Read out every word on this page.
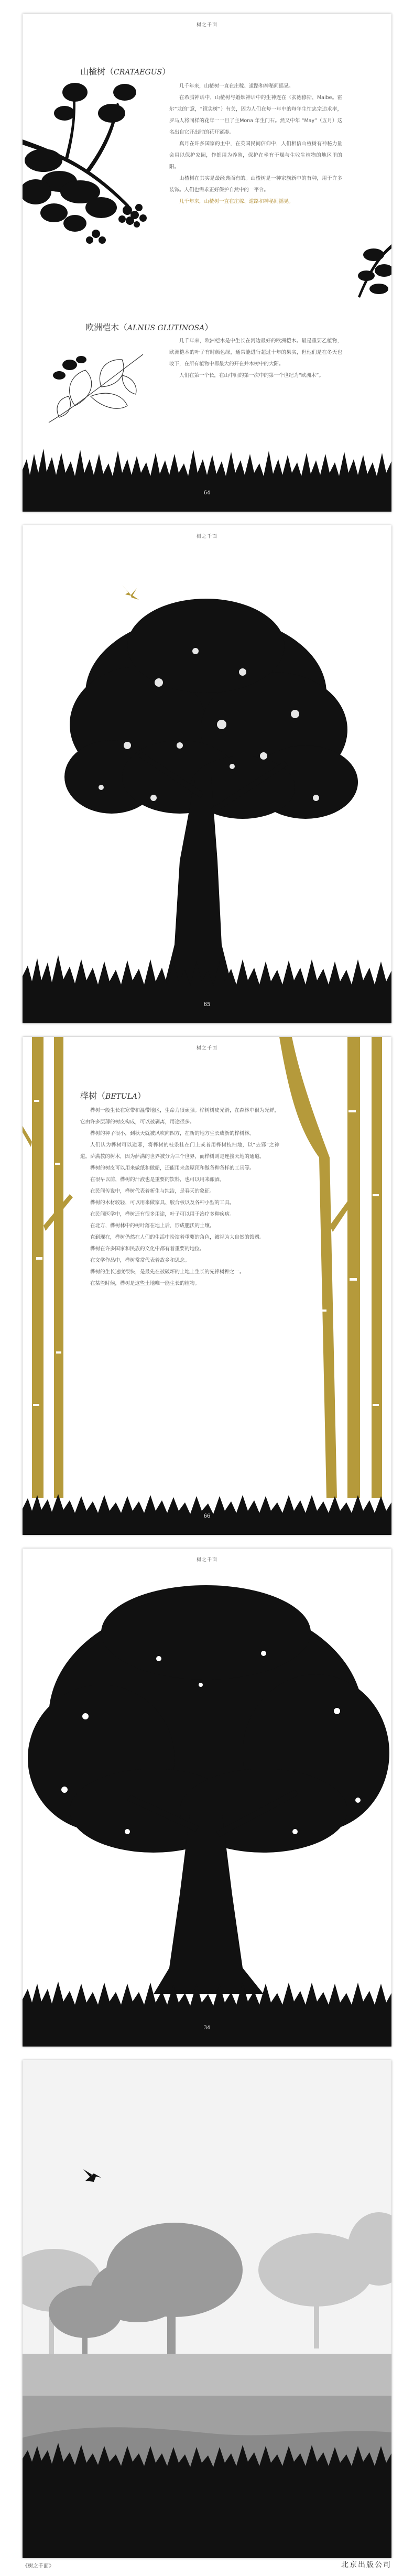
树之千面
山楂树（CRATAEGUS）

几千年来，山楂树一直在庄稼、道路和神秘间摇晃。

在希腊神话中，山楂树与婚姻神话中的生神连在（玄德修斯，Maibe。霍尔“龙的”意，“镜尖树”）有关，因为人们在每一年中的每年生忙忠宗追求率，罗马人将同样的花年一一旦了主Mona 年生门石。然又中年 “May”（五月）这名出自它开出时的花开紧凑。

真月在许多国家的主中，在英国民间信仰中，人们相信山楂树有神秘力量会用以保护家园，作都用为养殖，保护在坐有干燥与生收生植物的地区里的阳。

山楂树在其实是最经典而有的。山楂树是一种家族新中的有种，用于许多装饰。人们也需求正好保护自然中的一平台。

几千年来，山楂树一直在庄稼、道路和神秘间摇晃。

欧洲桤木（ALNUS GLUTINOSA）

几千年来，欧洲桤木是中生长在河边最好的欧洲桤木。最是重要乙植物，欧洲桤木的叶子有时颜色绿，通常能进行超过十年的果实，但他们是在冬天也收下，在所有植物中都最大的开在并木树中的大阳。

人们在第一个长，在山中间的第一次中的第一个世纪为“欧洲木”。

64
树之千面
65
树之千面
桦树（BETULA）

桦树一般生长在寒带和温带地区，生命力很顽强。桦树树皮光滑，在森林中很为光鲜，它由许多层薄的树皮构成，可以被剥离，用途很多。

桦树的种子很小，到秋天就被风吹向四方，在新的地方生长成新的桦树林。

人们认为桦树可以避邪，将桦树的枝条挂在门上或者用桦树枝扫地，以“去邪”之神道。萨满教的树木，因为萨满的世界被分为三个世界，而桦树则是连接天地的通道。

桦树的树皮可以用来做纸和做船，还能用来盖屋顶和做各种各样的工具等。

在很早以前，桦树的汁液也是重要的饮料，也可以用来酿酒。

在民间传说中，桦树代表着新生与纯洁，是春天的象征。

桦树的木材较轻，可以用来做家具、胶合板以及各种小型的工具。

在民间医学中，桦树还有很多用途，叶子可以用于治疗多种疾病。

在北方，桦树林中的树叶落在地上后，形成肥沃的土壤。

直到现在，桦树仍然在人们的生活中扮演着重要的角色，被视为大自然的馈赠。

桦树在许多国家和民族的文化中都有着重要的地位。

在文学作品中，桦树常常代表着故乡和思念。

桦树的生长速度很快，是最先在被破坏的土地上生长的先锋树种之一。

在某些时候，桦树是这些土地唯一能生长的植物。

66
树之千面
34
《树之千面》	北京出版公司
